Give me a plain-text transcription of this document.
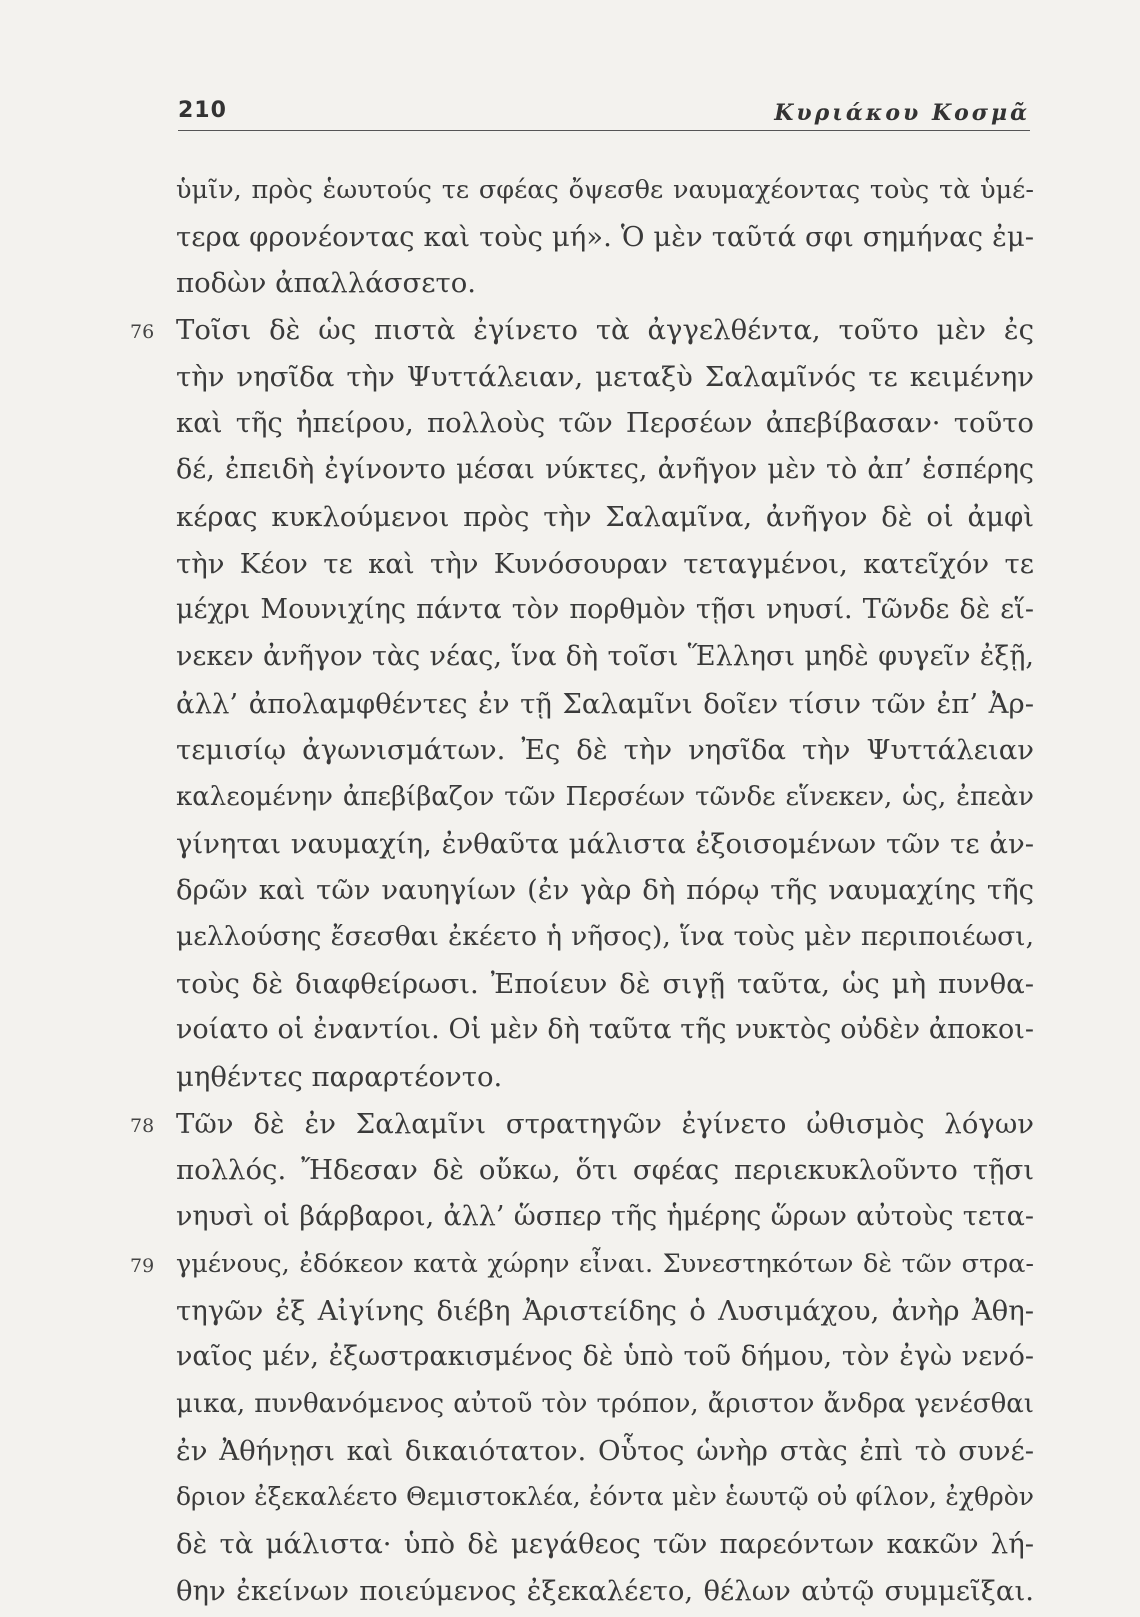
210	Κυριάκου Κοσμᾶ
ὑμῖν, πρὸς ἑωυτούς τε σφέας ὄψεσθε ναυμαχέοντας τοὺς τὰ ὑμέ-
τερα φρονέοντας καὶ τοὺς μή». Ὁ μὲν ταῦτά σφι σημήνας ἐμ-
ποδὼν ἀπαλλάσσετο.
76 Τοῖσι δὲ ὡς πιστὰ ἐγίνετο τὰ ἀγγελθέντα, τοῦτο μὲν ἐς
τὴν νησῖδα τὴν Ψυττάλειαν, μεταξὺ Σαλαμῖνός τε κειμένην
καὶ τῆς ἠπείρου, πολλοὺς τῶν Περσέων ἀπεβίβασαν· τοῦτο
δέ, ἐπειδὴ ἐγίνοντο μέσαι νύκτες, ἀνῆγον μὲν τὸ ἀπ’ ἑσπέρης
κέρας κυκλούμενοι πρὸς τὴν Σαλαμῖνα, ἀνῆγον δὲ οἱ ἀμφὶ
τὴν Κέον τε καὶ τὴν Κυνόσουραν τεταγμένοι, κατεῖχόν τε
μέχρι Μουνιχίης πάντα τὸν πορθμὸν τῇσι νηυσί. Τῶνδε δὲ εἵ-
νεκεν ἀνῆγον τὰς νέας, ἵνα δὴ τοῖσι Ἕλλησι μηδὲ φυγεῖν ἐξῇ,
ἀλλ’ ἀπολαμφθέντες ἐν τῇ Σαλαμῖνι δοῖεν τίσιν τῶν ἐπ’ Ἀρ-
τεμισίῳ ἀγωνισμάτων. Ἐς δὲ τὴν νησῖδα τὴν Ψυττάλειαν
καλεομένην ἀπεβίβαζον τῶν Περσέων τῶνδε εἵνεκεν, ὡς, ἐπεὰν
γίνηται ναυμαχίη, ἐνθαῦτα μάλιστα ἐξοισομένων τῶν τε ἀν-
δρῶν καὶ τῶν ναυηγίων (ἐν γὰρ δὴ πόρῳ τῆς ναυμαχίης τῆς
μελλούσης ἔσεσθαι ἐκέετο ἡ νῆσος), ἵνα τοὺς μὲν περιποιέωσι,
τοὺς δὲ διαφθείρωσι. Ἐποίευν δὲ σιγῇ ταῦτα, ὡς μὴ πυνθα-
νοίατο οἱ ἐναντίοι. Οἱ μὲν δὴ ταῦτα τῆς νυκτὸς οὐδὲν ἀποκοι-
μηθέντες παραρτέοντο.
78 Τῶν δὲ ἐν Σαλαμῖνι στρατηγῶν ἐγίνετο ὠθισμὸς λόγων
πολλός. Ἤδεσαν δὲ οὔκω, ὅτι σφέας περιεκυκλοῦντο τῇσι
νηυσὶ οἱ βάρβαροι, ἀλλ’ ὥσπερ τῆς ἡμέρης ὥρων αὐτοὺς τετα-
79 γμένους, ἐδόκεον κατὰ χώρην εἶναι. Συνεστηκότων δὲ τῶν στρα-
τηγῶν ἐξ Αἰγίνης διέβη Ἀριστείδης ὁ Λυσιμάχου, ἀνὴρ Ἀθη-
ναῖος μέν, ἐξωστρακισμένος δὲ ὑπὸ τοῦ δήμου, τὸν ἐγὼ νενό-
μικα, πυνθανόμενος αὐτοῦ τὸν τρόπον, ἄριστον ἄνδρα γενέσθαι
ἐν Ἀθήνῃσι καὶ δικαιότατον. Οὗτος ὡνὴρ στὰς ἐπὶ τὸ συνέ-
δριον ἐξεκαλέετο Θεμιστοκλέα, ἐόντα μὲν ἑωυτῷ οὐ φίλον, ἐχθρὸν
δὲ τὰ μάλιστα· ὑπὸ δὲ μεγάθεος τῶν παρεόντων κακῶν λή-
θην ἐκείνων ποιεύμενος ἐξεκαλέετο, θέλων αὐτῷ συμμεῖξαι.
